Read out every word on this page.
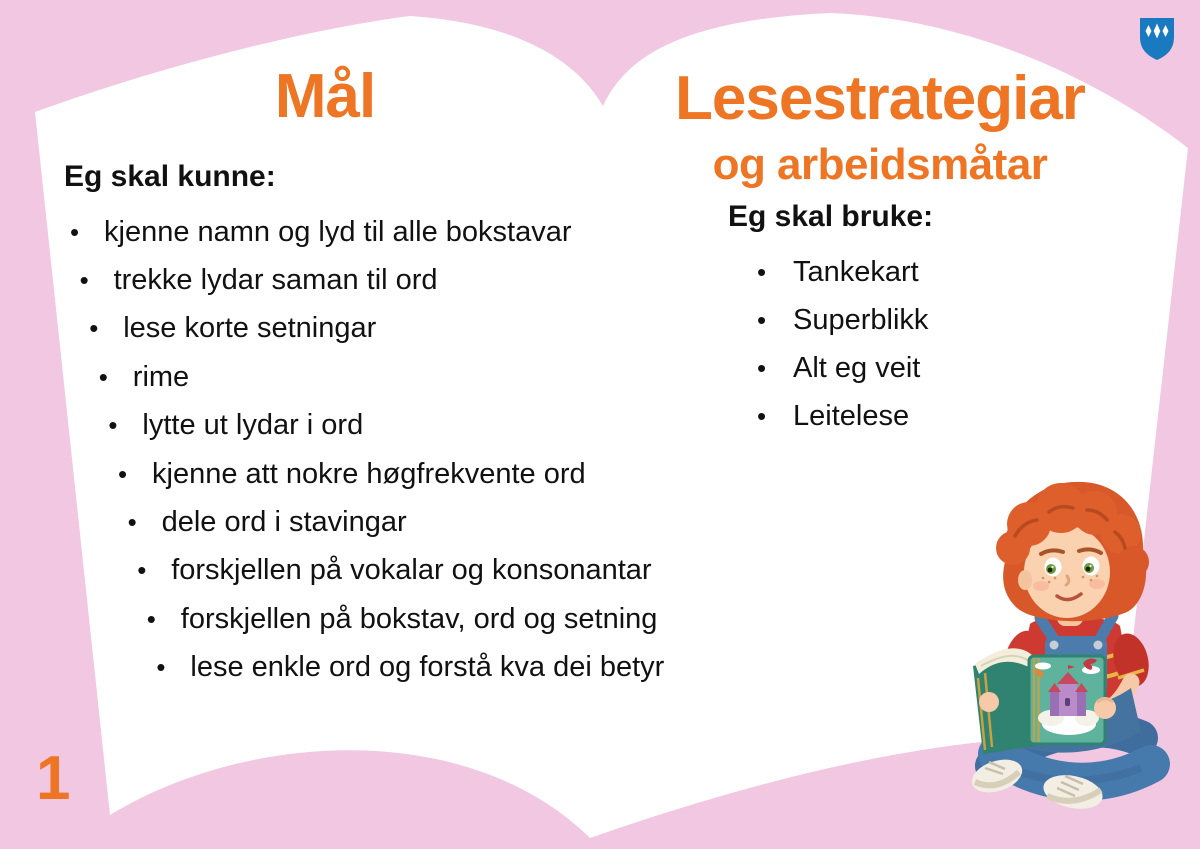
Mål
Eg skal kunne:
• kjenne namn og lyd til alle bokstavar
• trekke lydar saman til ord
• lese korte setningar
• rime
• lytte ut lydar i ord
• kjenne att nokre høgfrekvente ord
• dele ord i stavingar
• forskjellen på vokalar og konsonantar
• forskjellen på bokstav, ord og setning
• lese enkle ord og forstå kva dei betyr
Lesestrategiar
og arbeidsmåtar
Eg skal bruke:
• Tankekart
• Superblikk
• Alt eg veit
• Leitelese
1
